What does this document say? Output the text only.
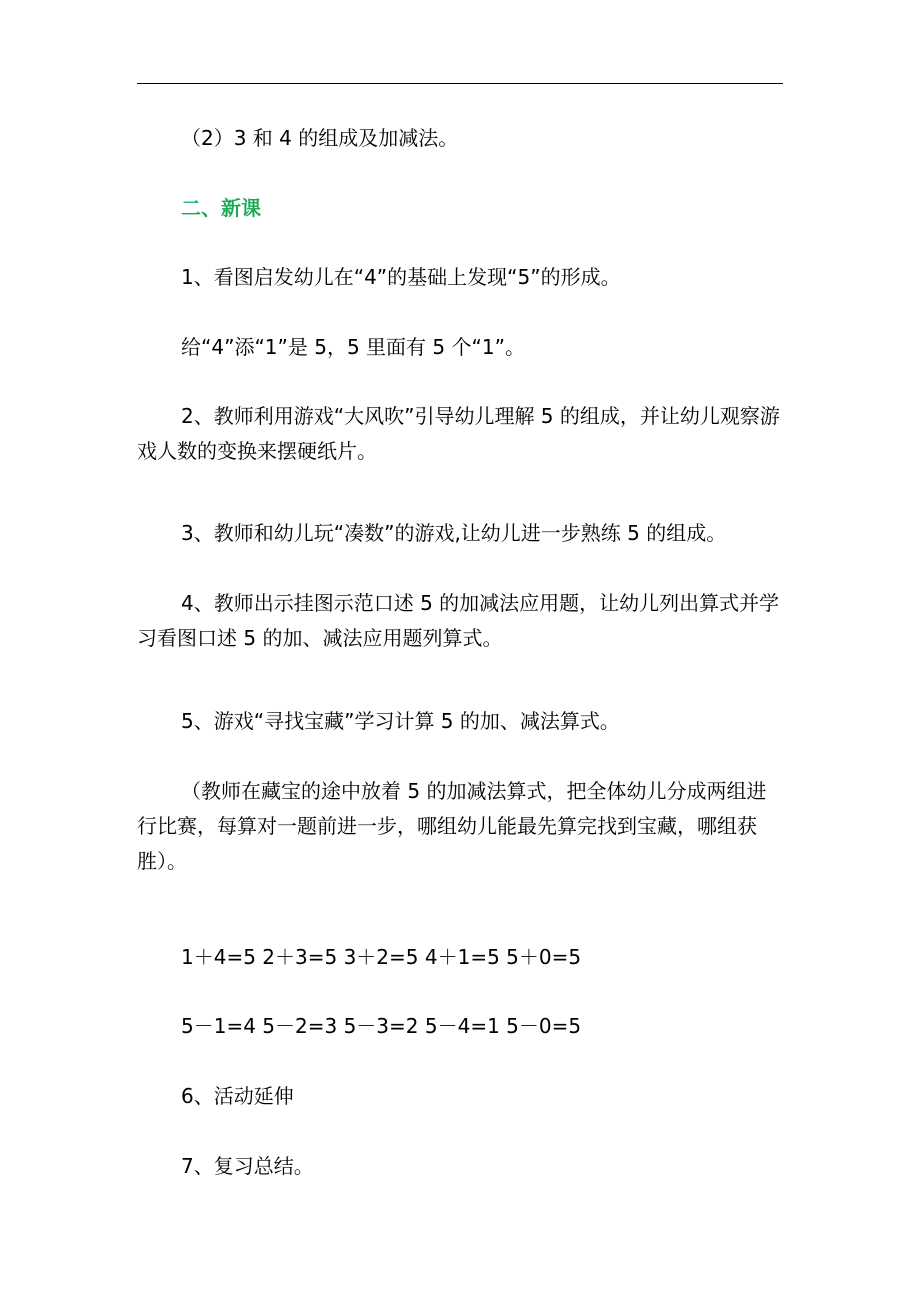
（2）3 和 4 的组成及加减法。

二、新课

1、看图启发幼儿在“4”的基础上发现“5”的形成。

给“4”添“1”是 5，5 里面有 5 个“1”。

2、教师利用游戏“大风吹”引导幼儿理解 5 的组成，并让幼儿观察游戏人数的变换来摆硬纸片。

3、教师和幼儿玩“凑数”的游戏,让幼儿进一步熟练 5 的组成。

4、教师出示挂图示范口述 5 的加减法应用题，让幼儿列出算式并学习看图口述 5 的加、减法应用题列算式。

5、游戏“寻找宝藏”学习计算 5 的加、减法算式。

（教师在藏宝的途中放着 5 的加减法算式，把全体幼儿分成两组进行比赛，每算对一题前进一步，哪组幼儿能最先算完找到宝藏，哪组获胜）。

1＋4=5 2＋3=5 3＋2=5 4＋1=5 5＋0=5

5－1=4 5－2=3 5－3=2 5－4=1 5－0=5

6、活动延伸

7、复习总结。
